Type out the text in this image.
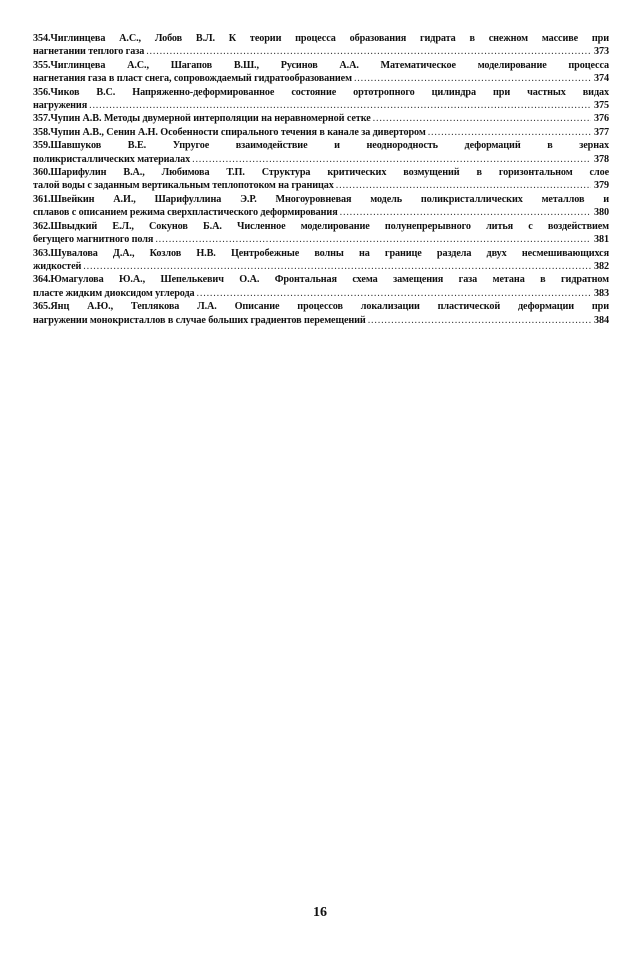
354.Чиглинцева А.С., Лобов В.Л. К теории процесса образования гидрата в снежном массиве при
нагнетании теплого газа .....	373
355.Чиглинцева А.С., Шагапов В.Ш., Русинов А.А. Математическое моделирование процесса
нагнетания газа в пласт снега, сопровождаемый гидратообразованием .....	374
356.Чиков В.С. Напряженно-деформированное состояние ортотропного цилиндра при частных видах
нагружения .....	375
357.Чупин А.В. Методы двумерной интерполяции на неравномерной сетке .....	376
358.Чупин А.В., Сенин А.Н. Особенности спирального течения в канале за дивертором .....	377
359.Шавшуков В.Е. Упругое взаимодействие и неоднородность деформаций в зернах
поликристаллических материалах .....	378
360.Шарифулин В.А., Любимова Т.П. Структура критических возмущений в горизонтальном слое
талой воды с заданным вертикальным теплопотоком на границах .....	379
361.Швейкин А.И., Шарифуллина Э.Р. Многоуровневая модель поликристаллических металлов и
сплавов с описанием режима сверхпластического деформирования .....	380
362.Швыдкий Е.Л., Сокунов Б.А. Численное моделирование полунепрерывного литья с воздействием
бегущего магнитного поля .....	381
363.Шувалова Д.А., Козлов Н.В. Центробежные волны на границе раздела двух несмешивающихся
жидкостей .....	382
364.Юмагулова Ю.А., Шепелькевич О.А. Фронтальная схема замещения газа метана в гидратном
пласте жидким диоксидом углерода .....	383
365.Янц А.Ю., Теплякова Л.А. Описание процессов локализации пластической деформации при
нагружении монокристаллов в случае больших градиентов перемещений .....	384
16
